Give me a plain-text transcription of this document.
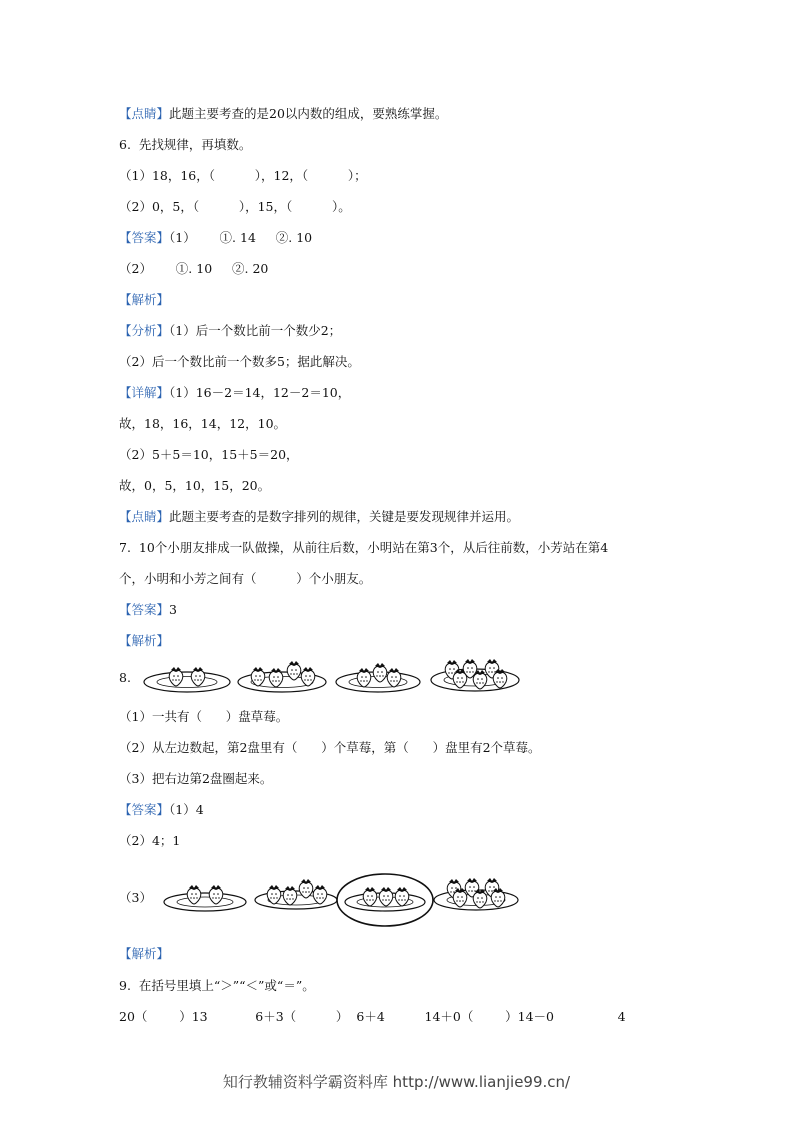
【点睛】此题主要考查的是20以内数的组成，要熟练掌握。
6.  先找规律，再填数。
（1）18，16，（          ），12，（          ）；
（2）0，5，（          ），15，（          ）。
【答案】（1）      ①. 14     ②. 10
（2）      ①. 10     ②. 20
【解析】
【分析】（1）后一个数比前一个数少2；
（2）后一个数比前一个数多5；据此解决。
【详解】（1）16－2＝14，12－2＝10，
故，18，16，14，12，10。
（2）5＋5＝10，15＋5＝20，
故，0，5，10，15，20。
【点睛】此题主要考查的是数字排列的规律，关键是要发现规律并运用。
7.  10个小朋友排成一队做操，从前往后数，小明站在第3个，从后往前数，小芳站在第4
个，小明和小芳之间有（          ）个小朋友。
【答案】3
【解析】
8.
（1）一共有（      ）盘草莓。
（2）从左边数起，第2盘里有（      ）个草莓，第（      ）盘里有2个草莓。
（3）把右边第2盘圈起来。
【答案】（1）4
（2）4；1
（3）
【解析】
9.  在括号里填上“＞”“＜”或“＝”。
20（        ）13            6＋3（          ）  6＋4          14＋0（        ）14－0                4
知行教辅资料学霸资料库 http://www.lianjie99.cn/
